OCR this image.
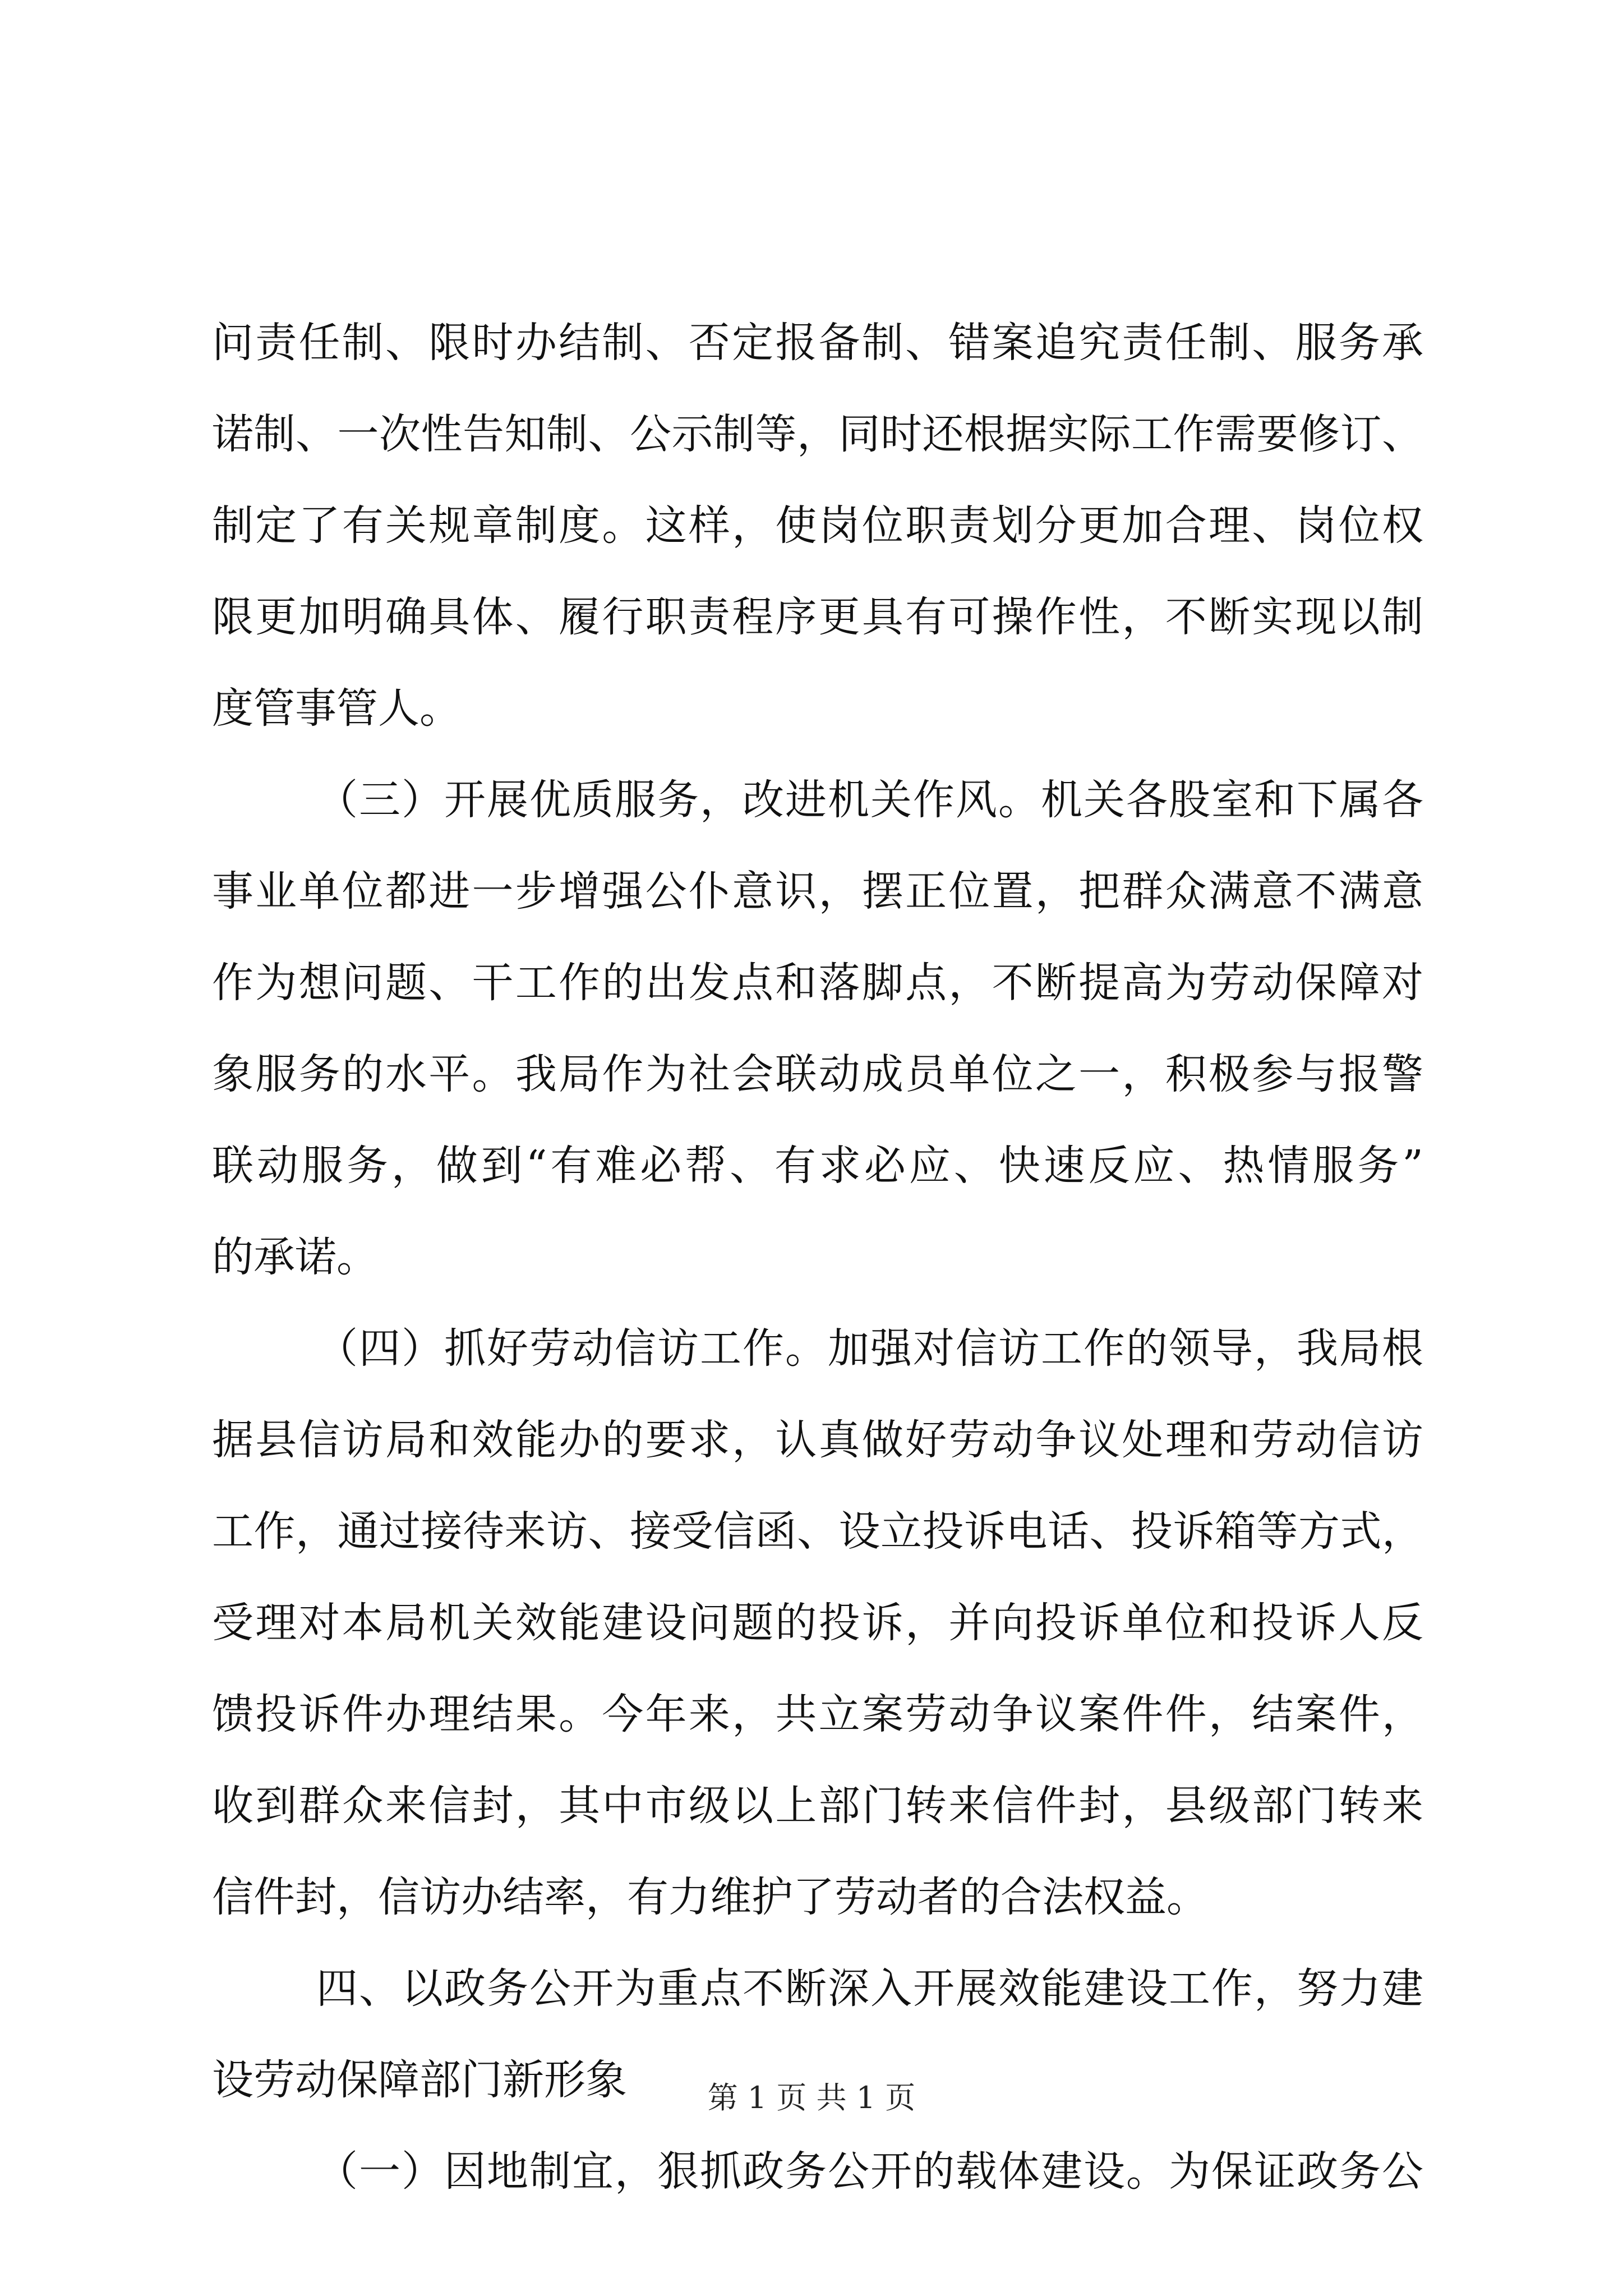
问责任制、限时办结制、否定报备制、错案追究责任制、服务承
诺制、一次性告知制、公示制等，同时还根据实际工作需要修订、
制定了有关规章制度。这样，使岗位职责划分更加合理、岗位权
限更加明确具体、履行职责程序更具有可操作性，不断实现以制
度管事管人。
（三）开展优质服务，改进机关作风。机关各股室和下属各
事业单位都进一步增强公仆意识，摆正位置，把群众满意不满意
作为想问题、干工作的出发点和落脚点，不断提高为劳动保障对
象服务的水平。我局作为社会联动成员单位之一，积极参与报警
联动服务，做到“有难必帮、有求必应、快速反应、热情服务”
的承诺。
（四）抓好劳动信访工作。加强对信访工作的领导，我局根
据县信访局和效能办的要求，认真做好劳动争议处理和劳动信访
工作，通过接待来访、接受信函、设立投诉电话、投诉箱等方式，
受理对本局机关效能建设问题的投诉，并向投诉单位和投诉人反
馈投诉件办理结果。今年来，共立案劳动争议案件件，结案件，
收到群众来信封，其中市级以上部门转来信件封，县级部门转来
信件封，信访办结率，有力维护了劳动者的合法权益。
四、以政务公开为重点不断深入开展效能建设工作，努力建
设劳动保障部门新形象
（一）因地制宜，狠抓政务公开的载体建设。为保证政务公
第 1 页 共 1 页
